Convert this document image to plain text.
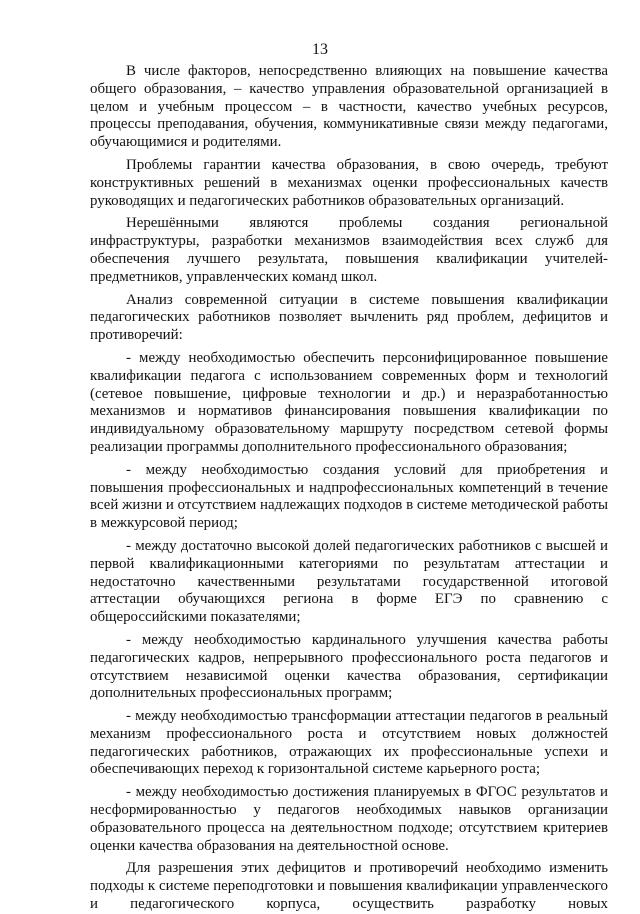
13

В числе факторов, непосредственно влияющих на повышение качества общего образования, – качество управления образовательной организацией в целом и учебным процессом – в частности, качество учебных ресурсов, процессы преподавания, обучения, коммуникативные связи между педагогами, обучающимися и родителями.

Проблемы гарантии качества образования, в свою очередь, требуют конструктивных решений в механизмах оценки профессиональных качеств руководящих и педагогических работников образовательных организаций.

Нерешёнными являются проблемы создания региональной инфраструктуры, разработки механизмов взаимодействия всех служб для обеспечения лучшего результата, повышения квалификации учителей-предметников, управленческих команд школ.

Анализ современной ситуации в системе повышения квалификации педагогических работников позволяет вычленить ряд проблем, дефицитов и противоречий:

- между необходимостью обеспечить персонифицированное повышение квалификации педагога с использованием современных форм и технологий (сетевое повышение, цифровые технологии и др.) и неразработанностью механизмов и нормативов финансирования повышения квалификации по индивидуальному образовательному маршруту посредством сетевой формы реализации программы дополнительного профессионального образования;

- между необходимостью создания условий для приобретения и повышения профессиональных и надпрофессиональных компетенций в течение всей жизни и отсутствием надлежащих подходов в системе методической работы в межкурсовой период;

- между достаточно высокой долей педагогических работников с высшей и первой квалификационными категориями по результатам аттестации и недостаточно качественными результатами государственной итоговой аттестации обучающихся региона в форме ЕГЭ по сравнению с общероссийскими показателями;

- между необходимостью кардинального улучшения качества работы педагогических кадров, непрерывного профессионального роста педагогов и отсутствием независимой оценки качества образования, сертификации дополнительных профессиональных программ;

- между необходимостью трансформации аттестации педагогов в реальный механизм профессионального роста и отсутствием новых должностей педагогических работников, отражающих их профессиональные успехи и обеспечивающих переход к горизонтальной системе карьерного роста;

- между необходимостью достижения планируемых в ФГОС результатов и несформированностью у педагогов необходимых навыков организации образовательного процесса на деятельностном подходе; отсутствием критериев оценки качества образования на деятельностной основе.

Для разрешения этих дефицитов и противоречий необходимо изменить подходы к системе переподготовки и повышения квалификации управленческого и педагогического корпуса, осуществить разработку новых
